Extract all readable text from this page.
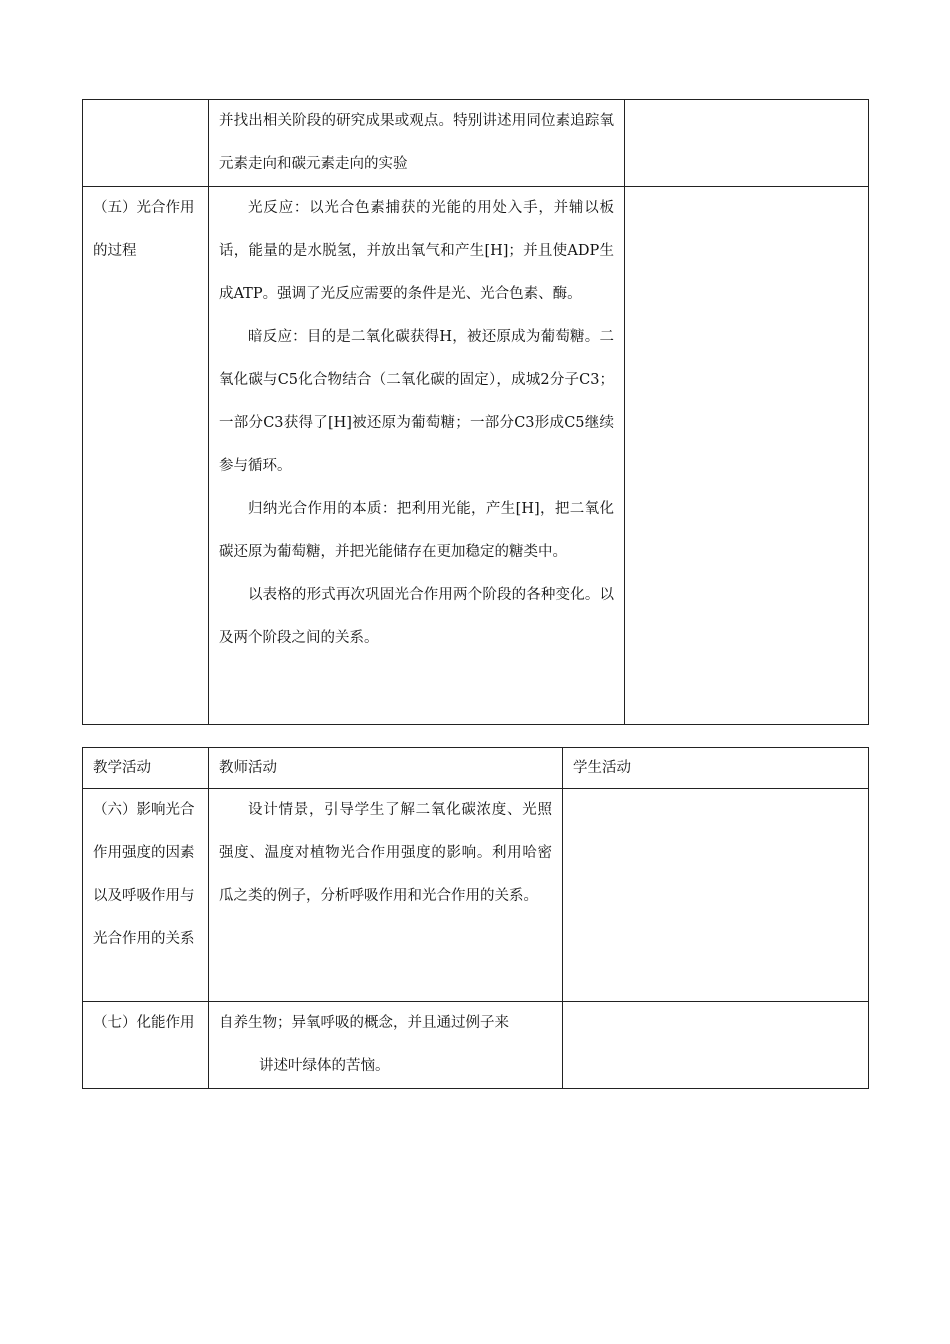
	并找出相关阶段的研究成果或观点。特别讲述用同位素追踪氧元素走向和碳元素走向的实验	

（五）光合作用的过程	光反应：以光合色素捕获的光能的用处入手，并辅以板话，能量的是水脱氢，并放出氧气和产生[H]；并且使ADP生成ATP。强调了光反应需要的条件是光、光合色素、酶。

暗反应：目的是二氧化碳获得H，被还原成为葡萄糖。二氧化碳与C5化合物结合（二氧化碳的固定），成城2分子C3；一部分C3获得了[H]被还原为葡萄糖；一部分C3形成C5继续参与循环。

归纳光合作用的本质：把利用光能，产生[H]，把二氧化碳还原为葡萄糖，并把光能储存在更加稳定的糖类中。

以表格的形式再次巩固光合作用两个阶段的各种变化。以及两个阶段之间的关系。	

教学活动	教师活动	学生活动
（六）影响光合作用强度的因素以及呼吸作用与光合作用的关系	设计情景，引导学生了解二氧化碳浓度、光照强度、温度对植物光合作用强度的影响。利用哈密瓜之类的例子，分析呼吸作用和光合作用的关系。	

（七）化能作用	自养生物；异氧呼吸的概念，并且通过例子来

讲述叶绿体的苦恼。	
